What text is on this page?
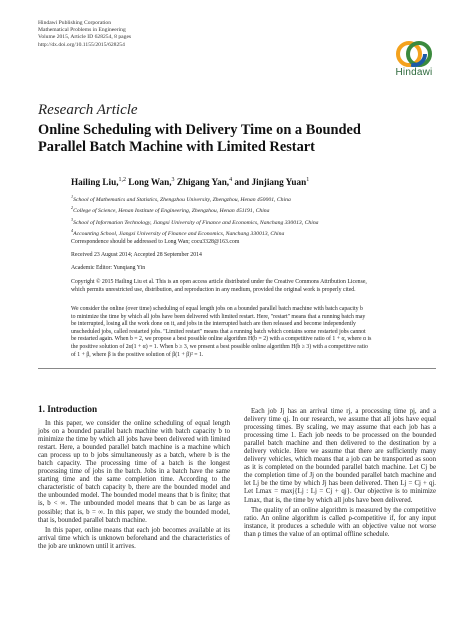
Hindawi Publishing Corporation
Mathematical Problems in Engineering
Volume 2015, Article ID 628254, 8 pages
http://dx.doi.org/10.1155/2015/628254
Hindawi
Research Article
Online Scheduling with Delivery Time on a Bounded
Parallel Batch Machine with Limited Restart
Hailing Liu,$^{1,2}$ Long Wan,$^3$ Zhigang Yan,$^4$ and Jinjiang Yuan$^1$
$^1$School of Mathematics and Statistics, Zhengzhou University, Zhengzhou, Henan 450001, China
$^2$College of Science, Henan Institute of Engineering, Zhengzhou, Henan 451191, China
$^3$School of Information Technology, Jiangxi University of Finance and Economics, Nanchang 330013, China
$^4$Accounting School, Jiangxi University of Finance and Economics, Nanchang 330013, China
Correspondence should be addressed to Long Wan; cocu3328@163.com
Received 23 August 2014; Accepted 28 September 2014
Academic Editor: Yunqiang Yin
Copyright © 2015 Hailing Liu et al. This is an open access article distributed under the Creative Commons Attribution License,
which permits unrestricted use, distribution, and reproduction in any medium, provided the original work is properly cited.
We consider the online (over time) scheduling of equal length jobs on a bounded parallel batch machine with batch capacity b
to minimize the time by which all jobs have been delivered with limited restart. Here, "restart" means that a running batch may
be interrupted, losing all the work done on it, and jobs in the interrupted batch are then released and become independently
unscheduled jobs, called restarted jobs. "Limited restart" means that a running batch which contains some restarted jobs cannot
be restarted again. When b = 2, we propose a best possible online algorithm H(b = 2) with a competitive ratio of 1 + α, where α is
the positive solution of 2α(1 + α) = 1. When b ≥ 3, we present a best possible online algorithm H(b ≥ 3) with a competitive ratio
of 1 + β, where β is the positive solution of β(1 + β)² = 1.
1. Introduction

In this paper, we consider the online scheduling of equal length jobs on a bounded parallel batch machine with batch capacity b to minimize the time by which all jobs have been delivered with limited restart. Here, a bounded parallel batch machine is a machine which can process up to b jobs simultaneously as a batch, where b is the batch capacity. The processing time of a batch is the longest processing time of jobs in the batch. Jobs in a batch have the same starting time and the same completion time. According to the characteristic of batch capacity b, there are the bounded model and the unbounded model. The bounded model means that b is finite; that is, b < ∞. The unbounded model means that b can be as large as possible; that is, b = ∞. In this paper, we study the bounded model, that is, bounded parallel batch machine.

In this paper, online means that each job becomes available at its arrival time which is unknown beforehand and the characteristics of the job are unknown until it arrives.

Each job Jj has an arrival time rj, a processing time pj, and a delivery time qj. In our research, we assume that all jobs have equal processing times. By scaling, we may assume that each job has a processing time 1. Each job needs to be processed on the bounded parallel batch machine and then delivered to the destination by a delivery vehicle. Here we assume that there are sufficiently many delivery vehicles, which means that a job can be transported as soon as it is completed on the bounded parallel batch machine. Let Cj be the completion time of Jj on the bounded parallel batch machine and let Lj be the time by which Jj has been delivered. Then Lj = Cj + qj. Let Lmax = maxj{Lj : Lj = Cj + qj}. Our objective is to minimize Lmax, that is, the time by which all jobs have been delivered.

The quality of an online algorithm is measured by the competitive ratio. An online algorithm is called ρ-competitive if, for any input instance, it produces a schedule with an objective value not worse than ρ times the value of an optimal offline schedule.
